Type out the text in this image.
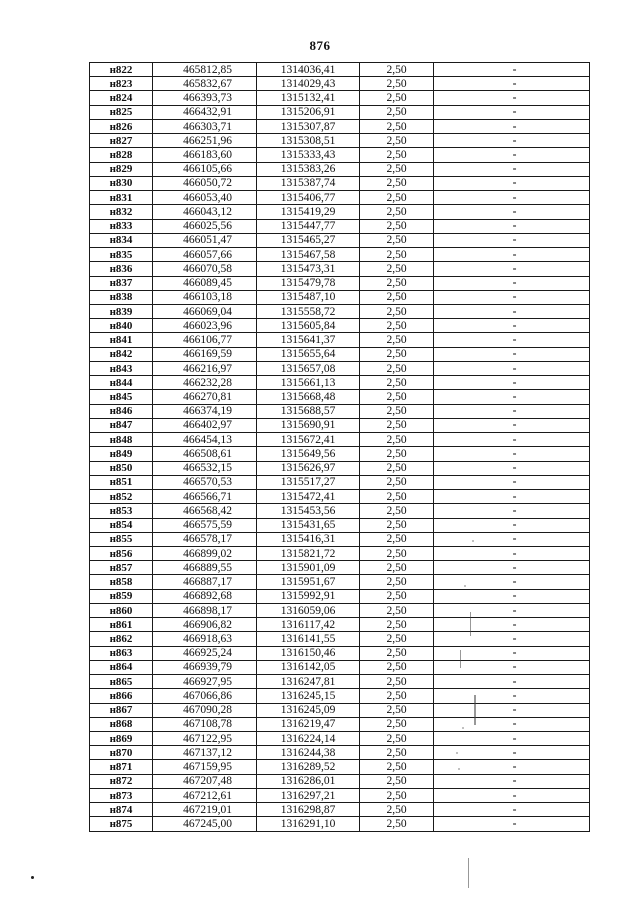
876
н822	465812,85	1314036,41	2,50	-
н823	465832,67	1314029,43	2,50	-
н824	466393,73	1315132,41	2,50	-
н825	466432,91	1315206,91	2,50	-
н826	466303,71	1315307,87	2,50	-
н827	466251,96	1315308,51	2,50	-
н828	466183,60	1315333,43	2,50	-
н829	466105,66	1315383,26	2,50	-
н830	466050,72	1315387,74	2,50	-
н831	466053,40	1315406,77	2,50	-
н832	466043,12	1315419,29	2,50	-
н833	466025,56	1315447,77	2,50	-
н834	466051,47	1315465,27	2,50	-
н835	466057,66	1315467,58	2,50	-
н836	466070,58	1315473,31	2,50	-
н837	466089,45	1315479,78	2,50	-
н838	466103,18	1315487,10	2,50	-
н839	466069,04	1315558,72	2,50	-
н840	466023,96	1315605,84	2,50	-
н841	466106,77	1315641,37	2,50	-
н842	466169,59	1315655,64	2,50	-
н843	466216,97	1315657,08	2,50	-
н844	466232,28	1315661,13	2,50	-
н845	466270,81	1315668,48	2,50	-
н846	466374,19	1315688,57	2,50	-
н847	466402,97	1315690,91	2,50	-
н848	466454,13	1315672,41	2,50	-
н849	466508,61	1315649,56	2,50	-
н850	466532,15	1315626,97	2,50	-
н851	466570,53	1315517,27	2,50	-
н852	466566,71	1315472,41	2,50	-
н853	466568,42	1315453,56	2,50	-
н854	466575,59	1315431,65	2,50	-
н855	466578,17	1315416,31	2,50	-
н856	466899,02	1315821,72	2,50	-
н857	466889,55	1315901,09	2,50	-
н858	466887,17	1315951,67	2,50	-
н859	466892,68	1315992,91	2,50	-
н860	466898,17	1316059,06	2,50	-
н861	466906,82	1316117,42	2,50	-
н862	466918,63	1316141,55	2,50	-
н863	466925,24	1316150,46	2,50	-
н864	466939,79	1316142,05	2,50	-
н865	466927,95	1316247,81	2,50	-
н866	467066,86	1316245,15	2,50	-
н867	467090,28	1316245,09	2,50	-
н868	467108,78	1316219,47	2,50	-
н869	467122,95	1316224,14	2,50	-
н870	467137,12	1316244,38	2,50	-
н871	467159,95	1316289,52	2,50	-
н872	467207,48	1316286,01	2,50	-
н873	467212,61	1316297,21	2,50	-
н874	467219,01	1316298,87	2,50	-
н875	467245,00	1316291,10	2,50	-
